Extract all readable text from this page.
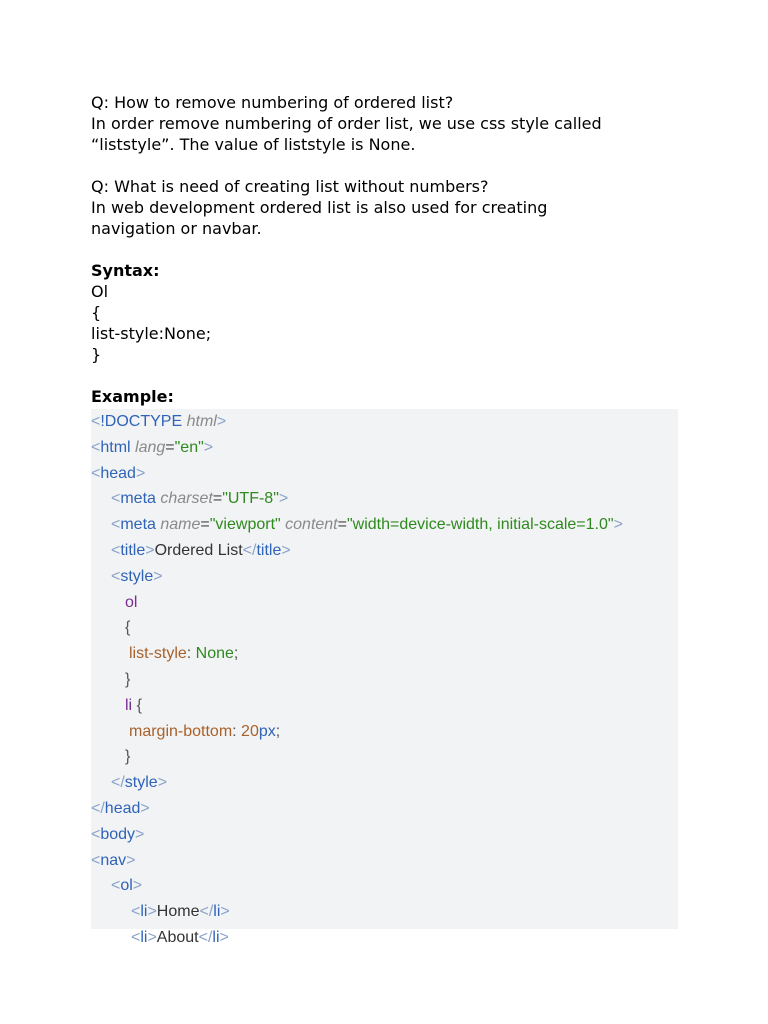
Q: How to remove numbering of ordered list?
In order remove numbering of order list, we use css style called
“liststyle”. The value of liststyle is None.
Q: What is need of creating list without numbers?
In web development ordered list is also used for creating
navigation or navbar.
Syntax:
Ol
{
list-style:None;
}
Example:
<!DOCTYPE html>
<html lang="en">
<head>
<meta charset="UTF-8">
<meta name="viewport" content="width=device-width, initial-scale=1.0">
<title>Ordered List</title>
<style>
ol
{
list-style: None;
}
li {
margin-bottom: 20px;
}
</style>
</head>
<body>
<nav>
<ol>
<li>Home</li>
<li>About</li>
